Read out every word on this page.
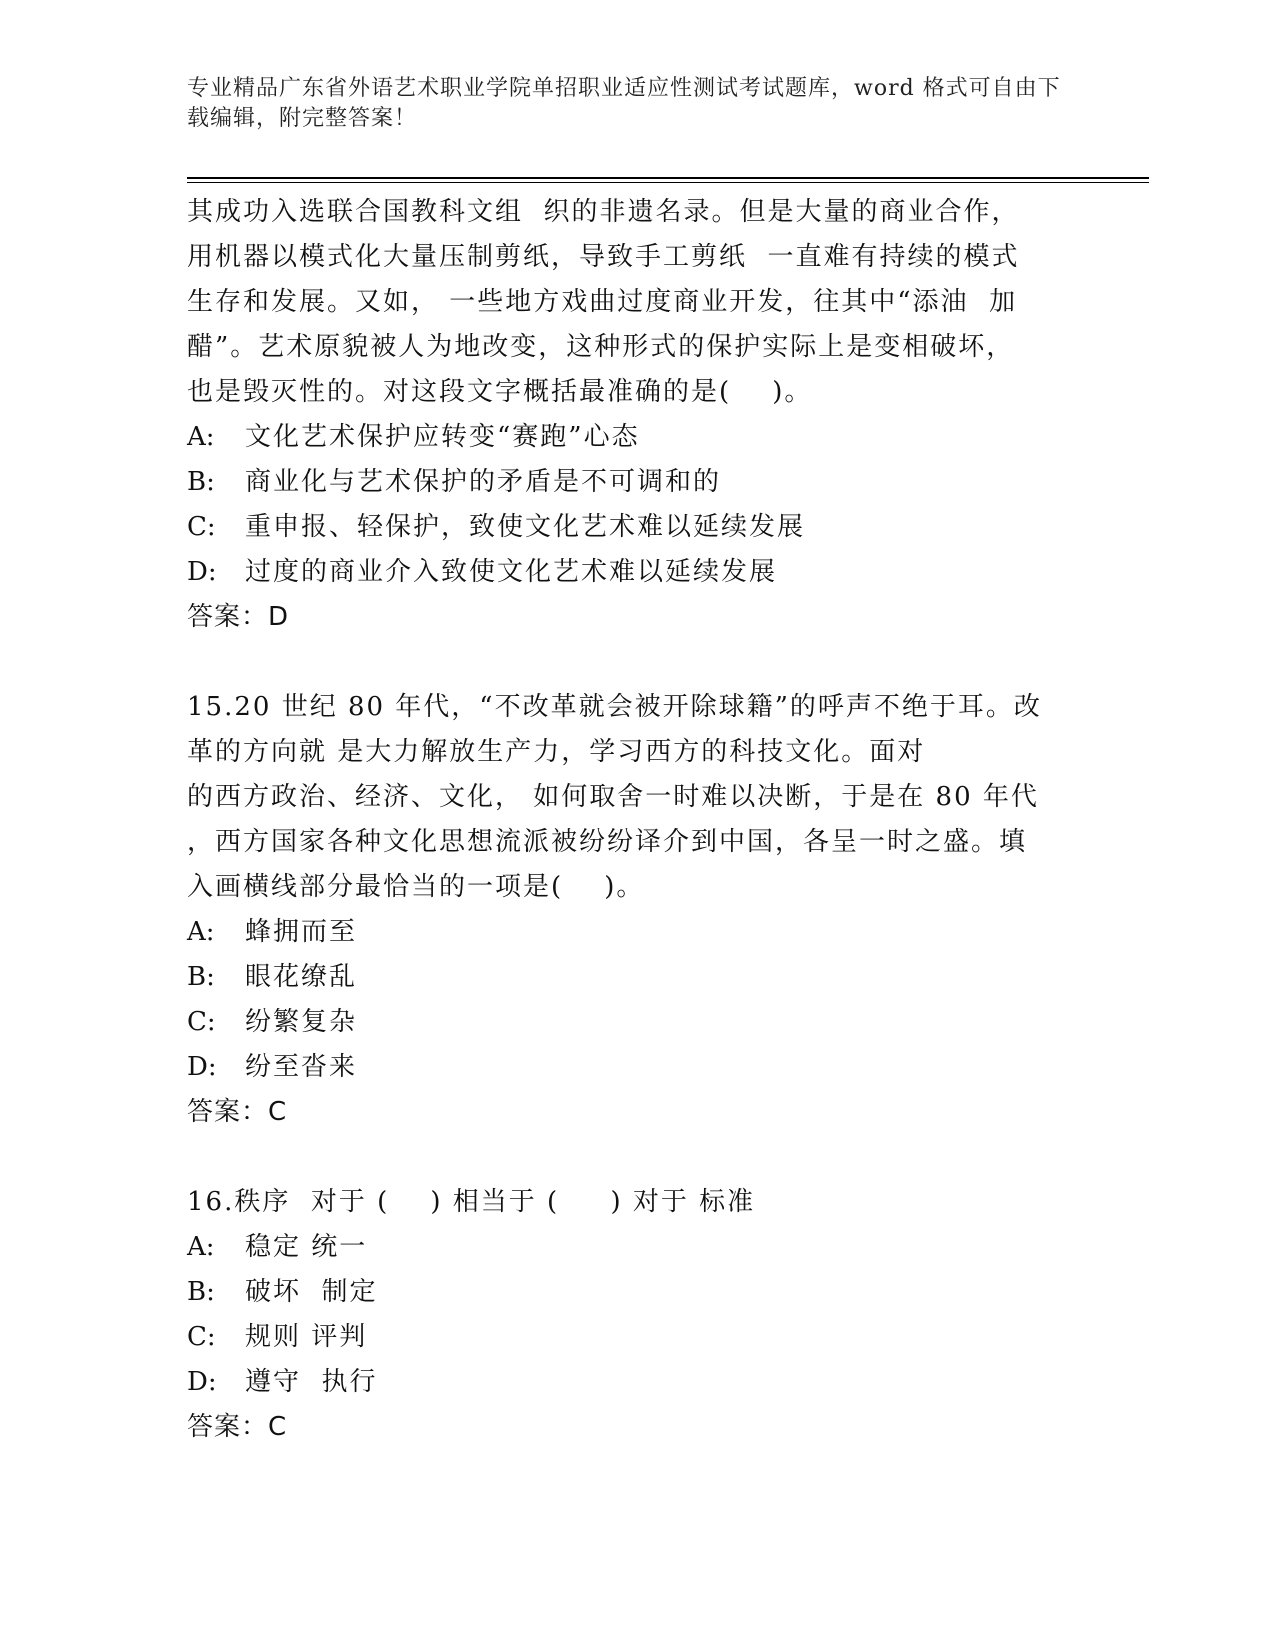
专业精品广东省外语艺术职业学院单招职业适应性测试考试题库，word 格式可自由下载编辑，附完整答案！
其成功入选联合国教科文组  织的非遗名录。但是大量的商业合作，
用机器以模式化大量压制剪纸，导致手工剪纸  一直难有持续的模式
生存和发展。又如， 一些地方戏曲过度商业开发，往其中“添油  加
醋”。艺术原貌被人为地改变，这种形式的保护实际上是变相破坏，
也是毁灭性的。对这段文字概括最准确的是(    )。
A: 文化艺术保护应转变“赛跑”心态
B: 商业化与艺术保护的矛盾是不可调和的
C: 重申报、轻保护，致使文化艺术难以延续发展
D: 过度的商业介入致使文化艺术难以延续发展
答案：D
15.20 世纪 80 年代，“不改革就会被开除球籍”的呼声不绝于耳。改
革的方向就 是大力解放生产力，学习西方的科技文化。面对
的西方政治、经济、文化， 如何取舍一时难以决断，于是在 80 年代
，西方国家各种文化思想流派被纷纷译介到中国，各呈一时之盛。填
入画横线部分最恰当的一项是(    )。
A: 蜂拥而至
B: 眼花缭乱
C: 纷繁复杂
D: 纷至沓来
答案：C
16.秩序  对于 (    ) 相当于 (     ) 对于 标准
A: 稳定 统一
B: 破坏  制定
C: 规则 评判
D: 遵守  执行
答案：C
